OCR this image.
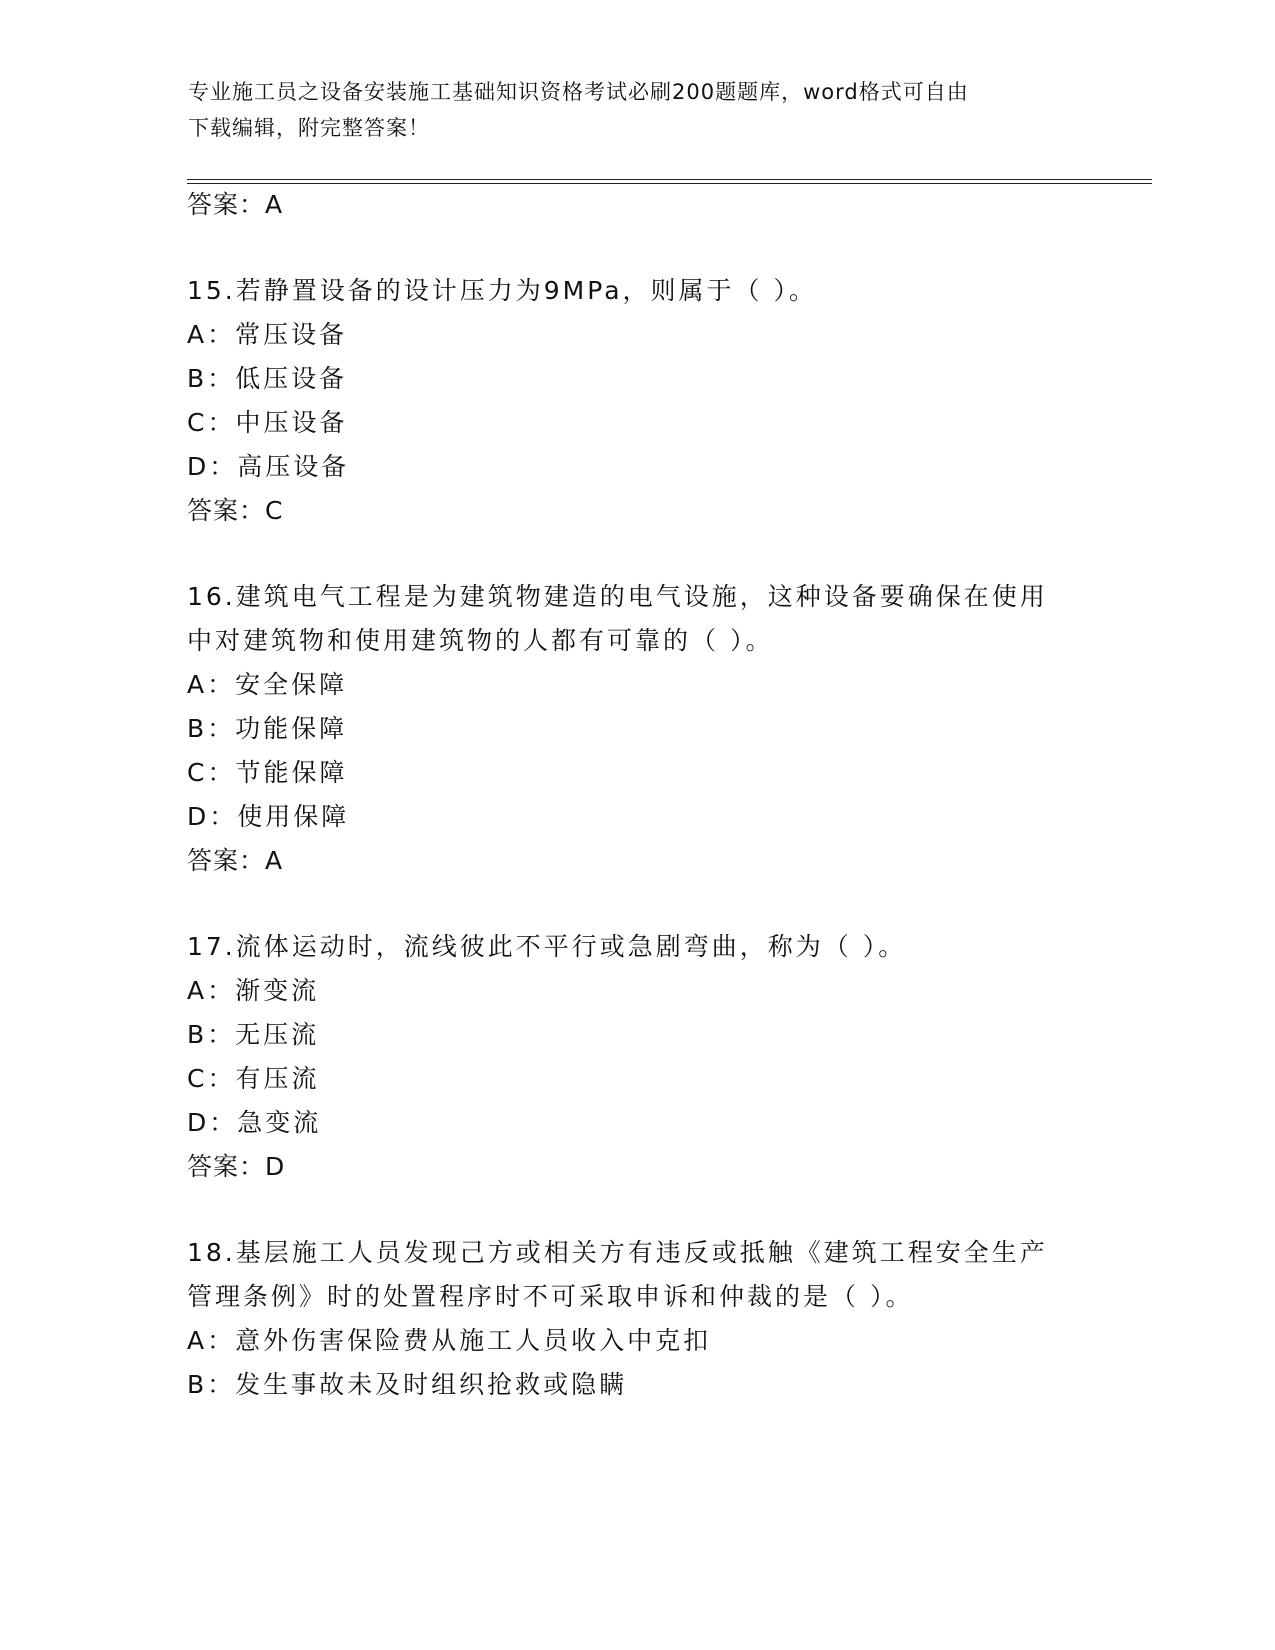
专业施工员之设备安装施工基础知识资格考试必刷200题题库，word格式可自由
下载编辑，附完整答案！
答案：A
15.若静置设备的设计压力为9MPa，则属于（ ）。
A：常压设备
B：低压设备
C：中压设备
D：高压设备
答案：C
16.建筑电气工程是为建筑物建造的电气设施，这种设备要确保在使用
中对建筑物和使用建筑物的人都有可靠的（ ）。
A：安全保障
B：功能保障
C：节能保障
D：使用保障
答案：A
17.流体运动时，流线彼此不平行或急剧弯曲，称为（ ）。
A：渐变流
B：无压流
C：有压流
D：急变流
答案：D
18.基层施工人员发现己方或相关方有违反或抵触《建筑工程安全生产
管理条例》时的处置程序时不可采取申诉和仲裁的是（ ）。
A：意外伤害保险费从施工人员收入中克扣
B：发生事故未及时组织抢救或隐瞒
